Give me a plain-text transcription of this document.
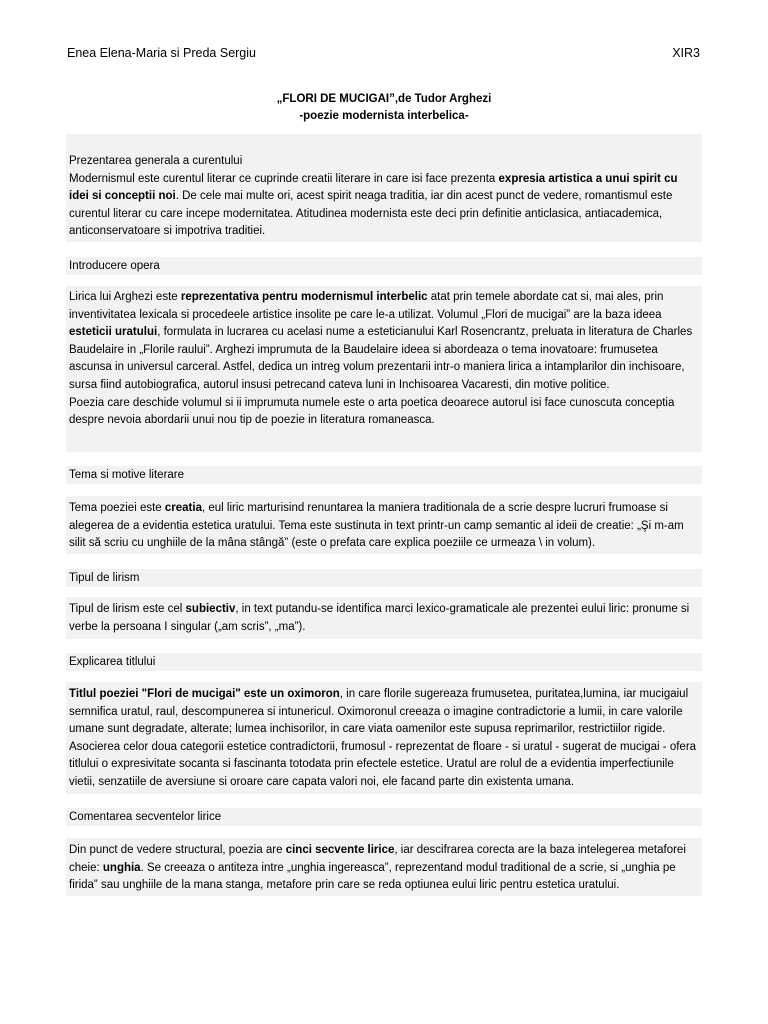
Enea Elena-Maria si Preda Sergiu	XIR3
„FLORI DE MUCIGAI”,de Tudor Arghezi
-poezie modernista interbelica-

Prezentarea generala a curentului

Modernismul este curentul literar ce cuprinde creatii literare in care isi face prezenta expresia artistica a unui spirit cu idei si conceptii noi. De cele mai multe ori, acest spirit neaga traditia, iar din acest punct de vedere, romantismul este curentul literar cu care incepe modernitatea. Atitudinea modernista este deci prin definitie anticlasica, antiacademica, anticonservatoare si impotriva traditiei.

Introducere opera

Lirica lui Arghezi este reprezentativa pentru modernismul interbelic atat prin temele abordate cat si, mai ales, prin inventivitatea lexicala si procedeele artistice insolite pe care le-a utilizat. Volumul „Flori de mucigai” are la baza ideea esteticii uratului, formulata in lucrarea cu acelasi nume a esteticianului Karl Rosencrantz, preluata in literatura de Charles Baudelaire in „Florile raului”. Arghezi imprumuta de la Baudelaire ideea si abordeaza o tema inovatoare: frumusetea ascunsa in universul carceral. Astfel, dedica un intreg volum prezentarii intr-o maniera lirica a intamplarilor din inchisoare, sursa fiind autobiografica, autorul insusi petrecand cateva luni in Inchisoarea Vacaresti, din motive politice.

Poezia care deschide volumul si ii imprumuta numele este o arta poetica deoarece autorul isi face cunoscuta conceptia despre nevoia abordarii unui nou tip de poezie in literatura romaneasca.

Tema si motive literare

Tema poeziei este creatia, eul liric marturisind renuntarea la maniera traditionala de a scrie despre lucruri frumoase si alegerea de a evidentia estetica uratului. Tema este sustinuta in text printr-un camp semantic al ideii de creatie: „Şi m-am silit să scriu cu unghiile de la mâna stângă” (este o prefata care explica poeziile ce urmeaza \ in volum).

Tipul de lirism

Tipul de lirism este cel subiectiv, in text putandu-se identifica marci lexico-gramaticale ale prezentei eului liric: pronume si verbe la persoana I singular („am scris”, „ma”).

Explicarea titlului

Titlul poeziei "Flori de mucigai" este un oximoron, in care florile sugereaza frumusetea, puritatea,lumina, iar mucigaiul semnifica uratul, raul, descompunerea si intunericul. Oximoronul creeaza o imagine contradictorie a lumii, in care valorile umane sunt degradate, alterate; lumea inchisorilor, in care viata oamenilor este supusa reprimarilor, restrictiilor rigide. Asocierea celor doua categorii estetice contradictorii, frumosul - reprezentat de floare - si uratul - sugerat de mucigai - ofera titlului o expresivitate socanta si fascinanta totodata prin efectele estetice. Uratul are rolul de a evidentia imperfectiunile vietii, senzatiile de aversiune si oroare care capata valori noi, ele facand parte din existenta umana.

Comentarea secventelor lirice

Din punct de vedere structural, poezia are cinci secvente lirice, iar descifrarea corecta are la baza intelegerea metaforei cheie: unghia. Se creeaza o antiteza intre „unghia ingereasca”, reprezentand modul traditional de a scrie, si „unghia pe firida” sau unghiile de la mana stanga, metafore prin care se reda optiunea eului liric pentru estetica uratului.
